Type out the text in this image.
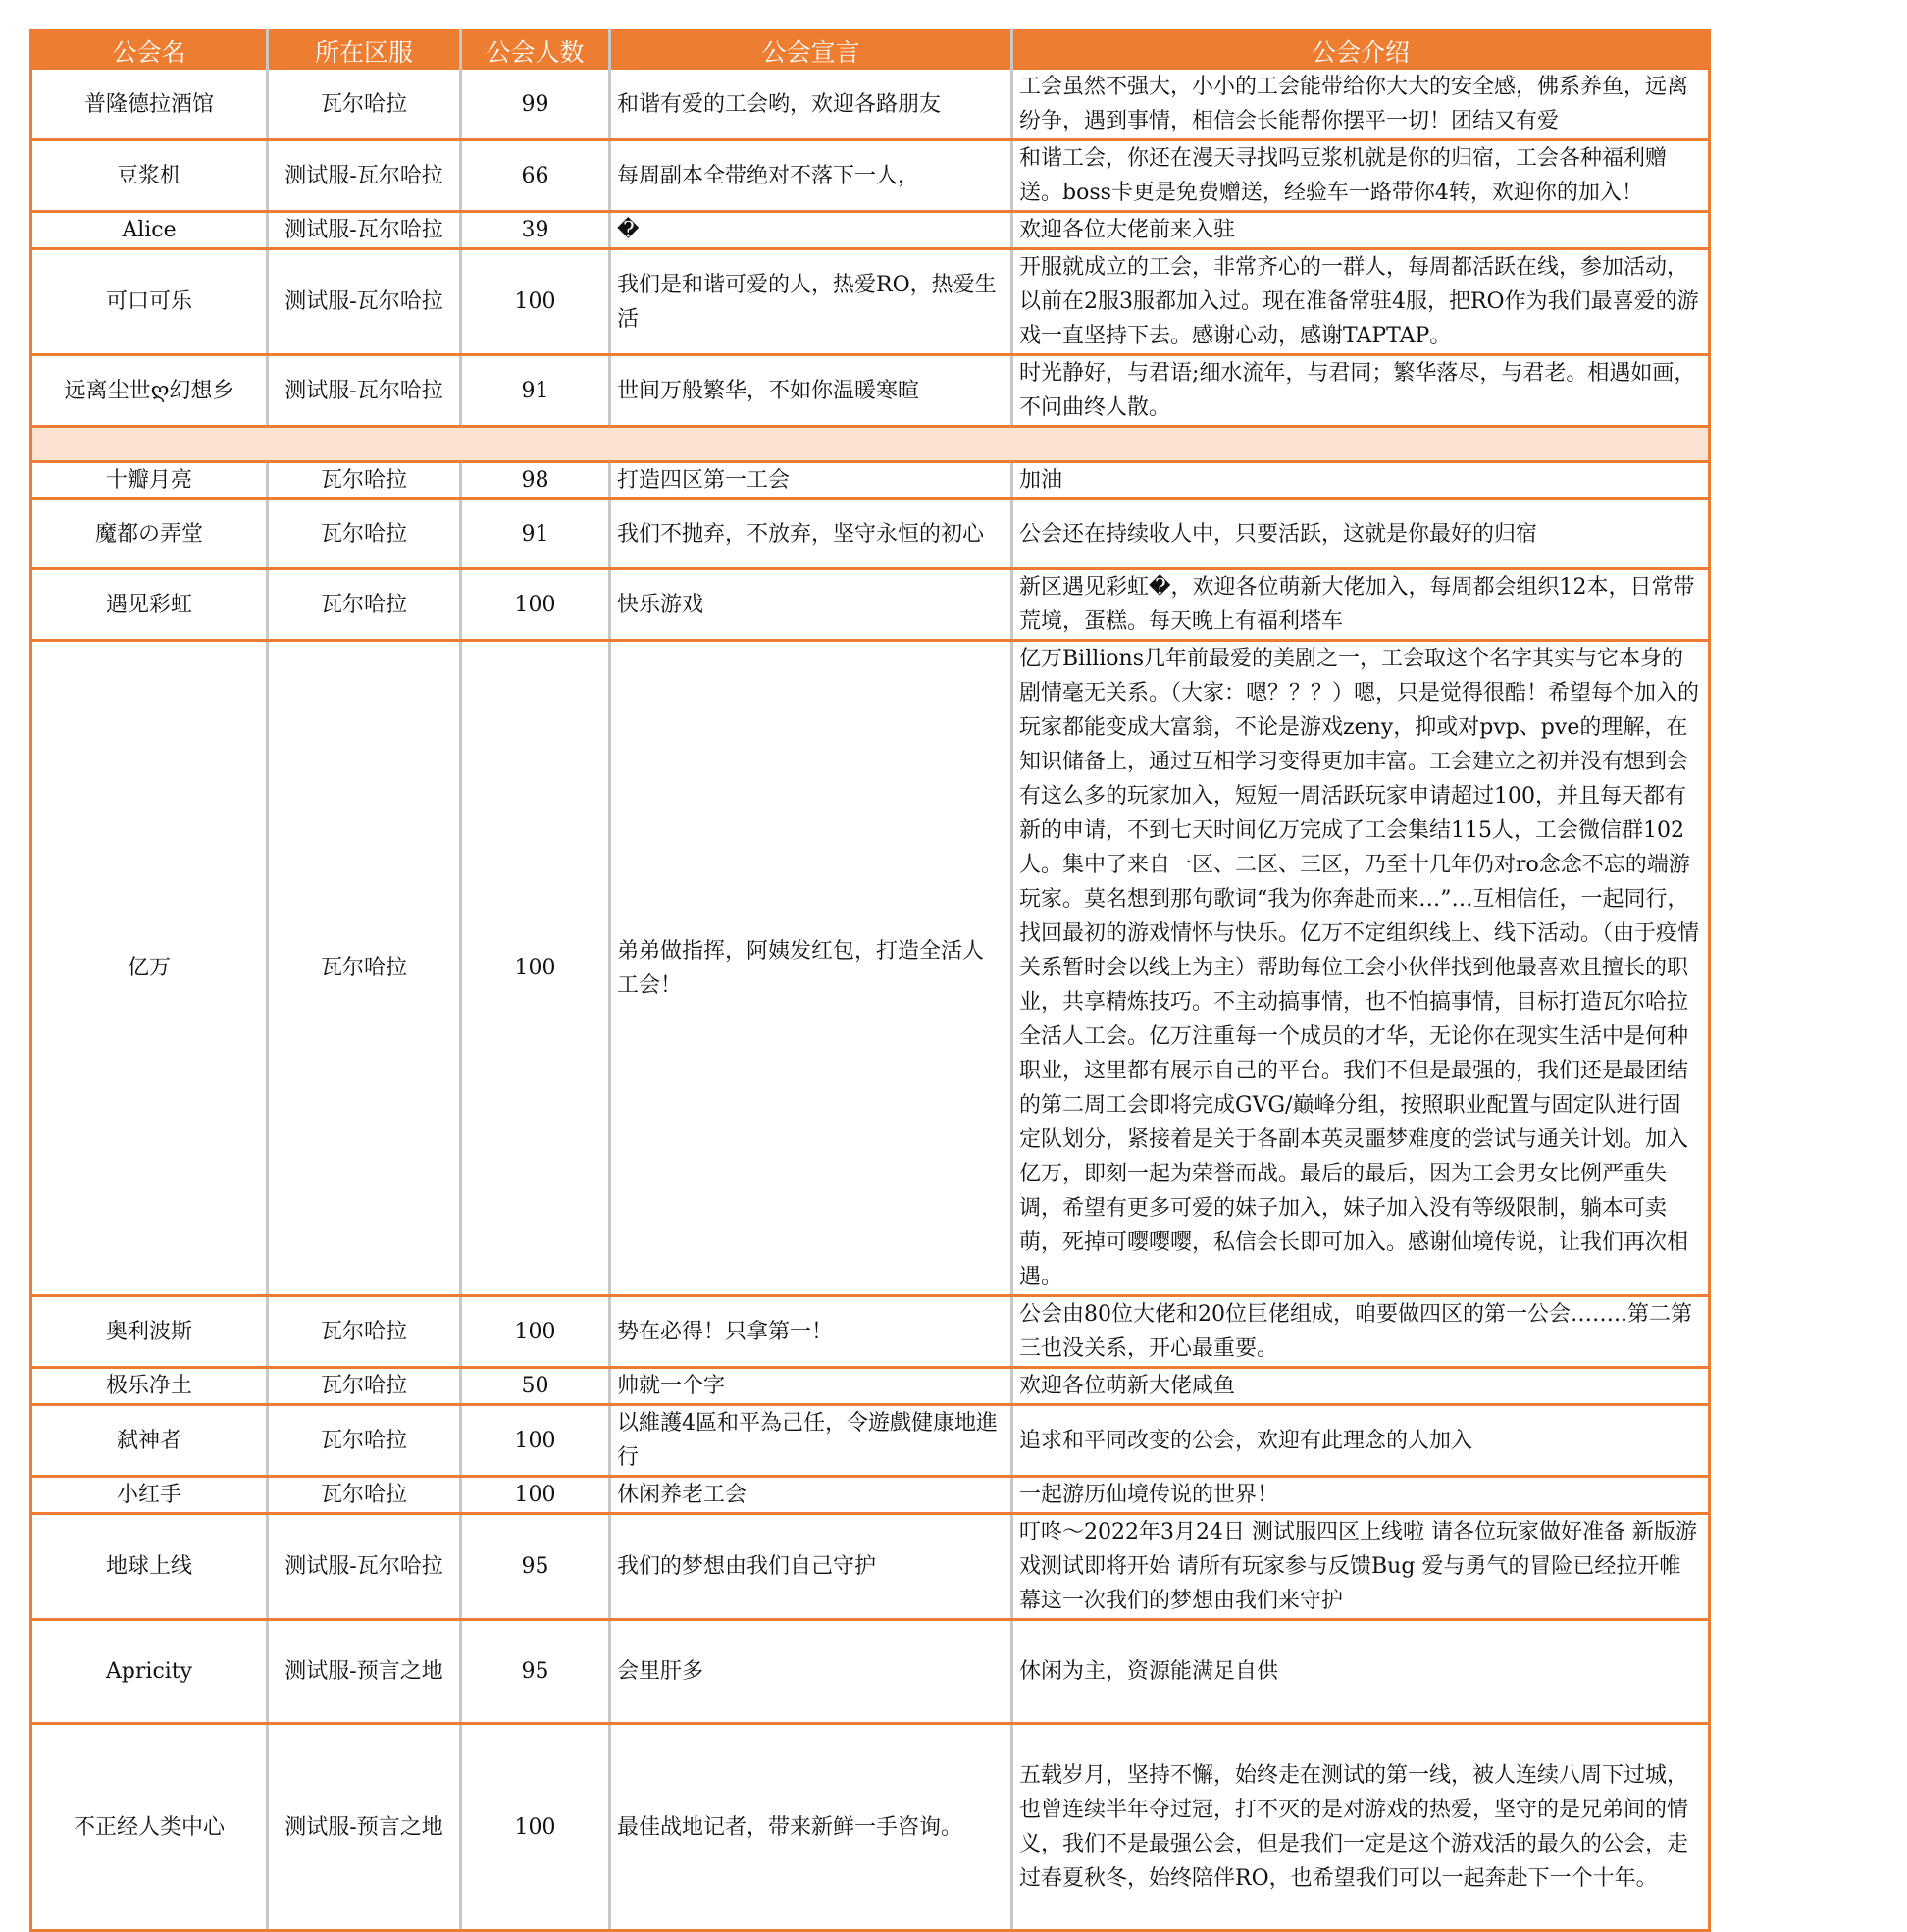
公会名	所在区服	公会人数	公会宣言	公会介绍
普隆德拉酒馆	瓦尔哈拉	99	和谐有爱的工会哟，欢迎各路朋友	工会虽然不强大，小小的工会能带给你大大的安全感，佛系养鱼，远离纷争，遇到事情，相信会长能帮你摆平一切！团结又有爱
豆浆机	测试服-瓦尔哈拉	66	每周副本全带绝对不落下一人，	和谐工会，你还在漫天寻找吗豆浆机就是你的归宿，工会各种福利赠送。boss卡更是免费赠送，经验车一路带你4转，欢迎你的加入！
Alice	测试服-瓦尔哈拉	39	�	欢迎各位大佬前来入驻
可口可乐	测试服-瓦尔哈拉	100	我们是和谐可爱的人，热爱RO，热爱生活	开服就成立的工会，非常齐心的一群人，每周都活跃在线，参加活动，以前在2服3服都加入过。现在准备常驻4服，把RO作为我们最喜爱的游戏一直坚持下去。感谢心动，感谢TAPTAP。
远离尘世ღ幻想乡	测试服-瓦尔哈拉	91	世间万般繁华，不如你温暖寒暄	时光静好，与君语;细水流年，与君同；繁华落尽，与君老。相遇如画，不问曲终人散。

十瓣月亮	瓦尔哈拉	98	打造四区第一工会	加油
魔都の弄堂	瓦尔哈拉	91	我们不抛弃，不放弃，坚守永恒的初心	公会还在持续收人中，只要活跃，这就是你最好的归宿
遇见彩虹	瓦尔哈拉	100	快乐游戏	新区遇见彩虹�，欢迎各位萌新大佬加入，每周都会组织12本，日常带荒境，蛋糕。每天晚上有福利塔车
亿万	瓦尔哈拉	100	弟弟做指挥，阿姨发红包，打造全活人工会！	亿万Billions几年前最爱的美剧之一，工会取这个名字其实与它本身的剧情毫无关系。（大家：嗯？？？）嗯，只是觉得很酷！希望每个加入的玩家都能变成大富翁，不论是游戏zeny，抑或对pvp、pve的理解，在知识储备上，通过互相学习变得更加丰富。工会建立之初并没有想到会有这么多的玩家加入，短短一周活跃玩家申请超过100，并且每天都有新的申请，不到七天时间亿万完成了工会集结115人，工会微信群102人。集中了来自一区、二区、三区，乃至十几年仍对ro念念不忘的端游玩家。莫名想到那句歌词“我为你奔赴而来…”…互相信任，一起同行，找回最初的游戏情怀与快乐。亿万不定组织线上、线下活动。（由于疫情关系暂时会以线上为主）帮助每位工会小伙伴找到他最喜欢且擅长的职业，共享精炼技巧。不主动搞事情，也不怕搞事情，目标打造瓦尔哈拉全活人工会。亿万注重每一个成员的才华，无论你在现实生活中是何种职业，这里都有展示自己的平台。我们不但是最强的，我们还是最团结的第二周工会即将完成GVG/巅峰分组，按照职业配置与固定队进行固定队划分，紧接着是关于各副本英灵噩梦难度的尝试与通关计划。加入亿万，即刻一起为荣誉而战。最后的最后，因为工会男女比例严重失调，希望有更多可爱的妹子加入，妹子加入没有等级限制，躺本可卖萌，死掉可嘤嘤嘤，私信会长即可加入。感谢仙境传说，让我们再次相遇。
奥利波斯	瓦尔哈拉	100	势在必得！只拿第一！	公会由80位大佬和20位巨佬组成，咱要做四区的第一公会……..第二第三也没关系，开心最重要。
极乐净土	瓦尔哈拉	50	帅就一个字	欢迎各位萌新大佬咸鱼
弑神者	瓦尔哈拉	100	以維護4區和平為己任，令遊戲健康地進行	追求和平同改变的公会，欢迎有此理念的人加入
小红手	瓦尔哈拉	100	休闲养老工会	一起游历仙境传说的世界！
地球上线	测试服-瓦尔哈拉	95	我们的梦想由我们自己守护	叮咚～2022年3月24日 测试服四区上线啦 请各位玩家做好准备 新版游戏测试即将开始 请所有玩家参与反馈Bug 爱与勇气的冒险已经拉开帷幕这一次我们的梦想由我们来守护
Apricity	测试服-预言之地	95	会里肝多	休闲为主，资源能满足自供
不正经人类中心	测试服-预言之地	100	最佳战地记者，带来新鲜一手咨询。	五载岁月，坚持不懈，始终走在测试的第一线，被人连续八周下过城，也曾连续半年夺过冠，打不灭的是对游戏的热爱，坚守的是兄弟间的情义，我们不是最强公会，但是我们一定是这个游戏活的最久的公会，走过春夏秋冬，始终陪伴RO，也希望我们可以一起奔赴下一个十年。
